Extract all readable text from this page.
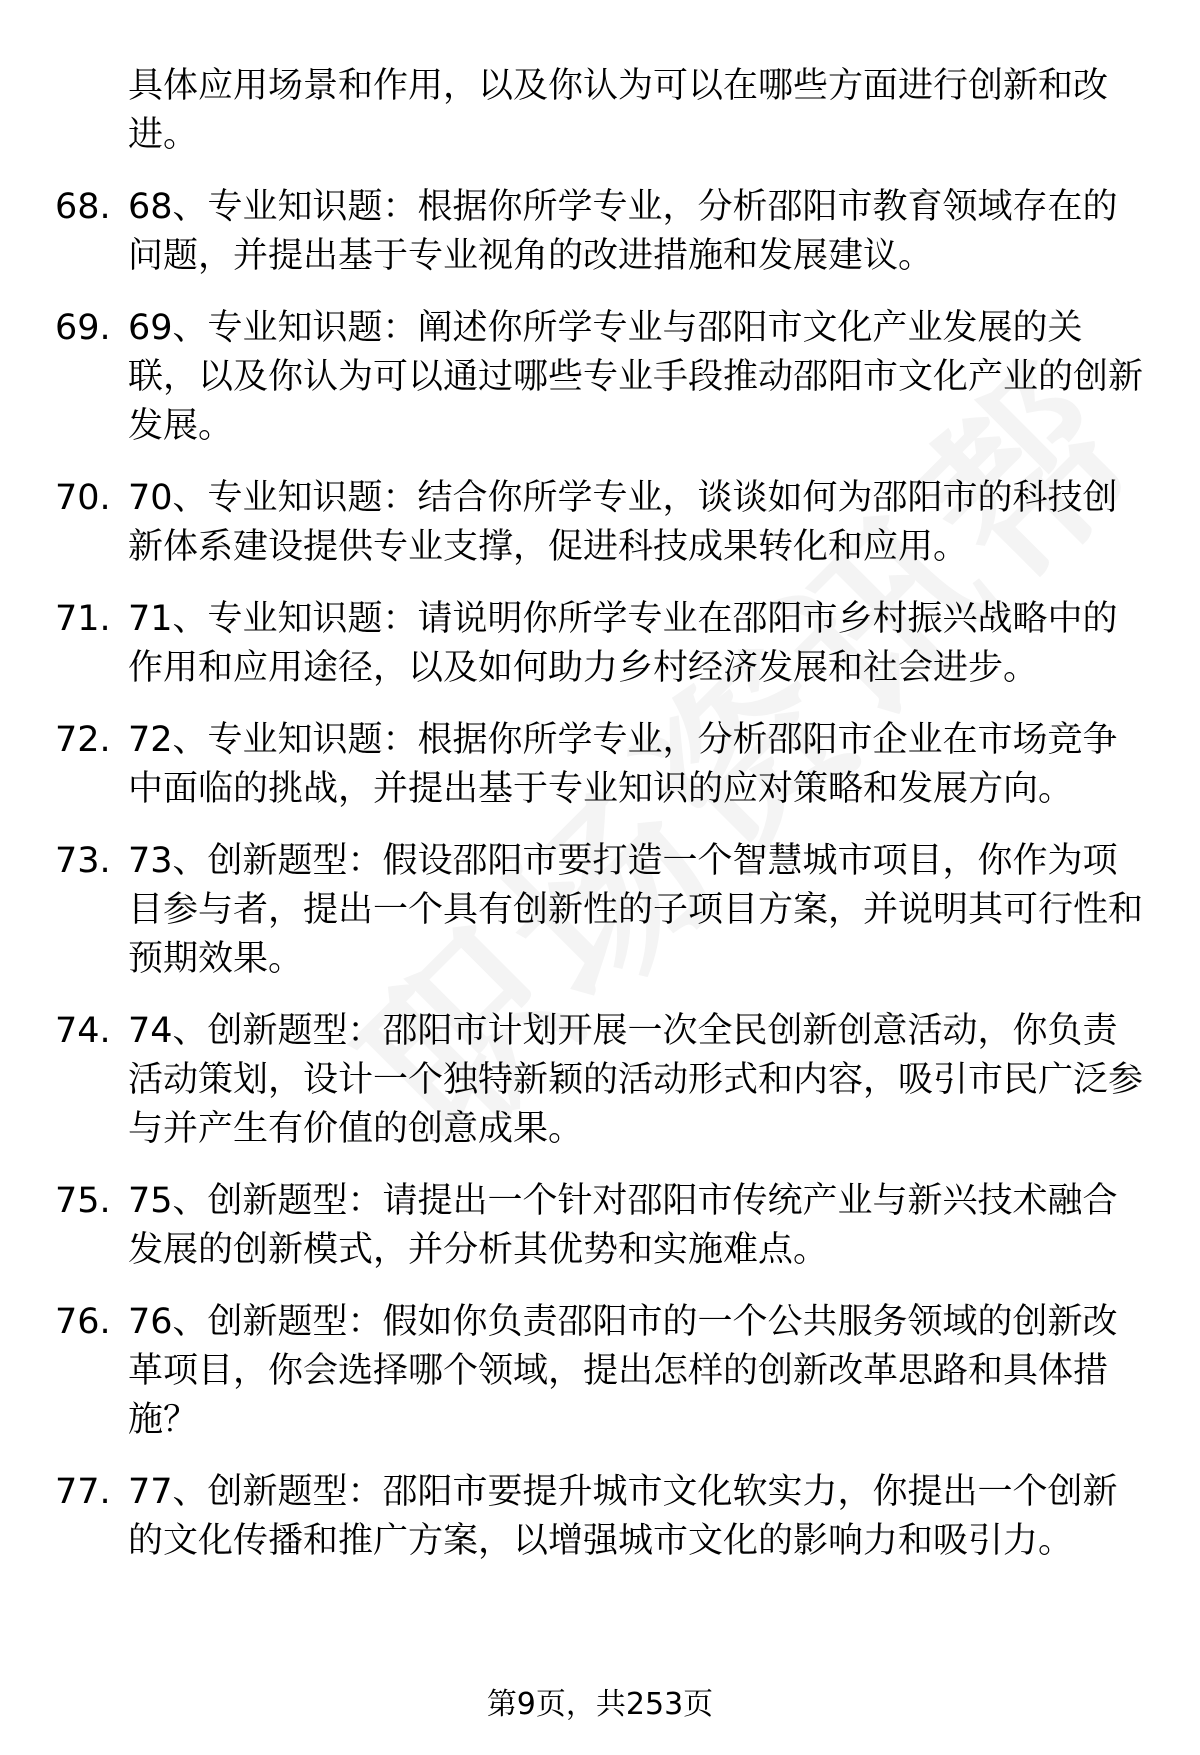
具体应用场景和作用，以及你认为可以在哪些方面进行创新和改进。
68. 68、专业知识题：根据你所学专业，分析邵阳市教育领域存在的问题，并提出基于专业视角的改进措施和发展建议。
69. 69、专业知识题：阐述你所学专业与邵阳市文化产业发展的关联，以及你认为可以通过哪些专业手段推动邵阳市文化产业的创新发展。
70. 70、专业知识题：结合你所学专业，谈谈如何为邵阳市的科技创新体系建设提供专业支撑，促进科技成果转化和应用。
71. 71、专业知识题：请说明你所学专业在邵阳市乡村振兴战略中的作用和应用途径，以及如何助力乡村经济发展和社会进步。
72. 72、专业知识题：根据你所学专业，分析邵阳市企业在市场竞争中面临的挑战，并提出基于专业知识的应对策略和发展方向。
73. 73、创新题型：假设邵阳市要打造一个智慧城市项目，你作为项目参与者，提出一个具有创新性的子项目方案，并说明其可行性和预期效果。
74. 74、创新题型：邵阳市计划开展一次全民创新创意活动，你负责活动策划，设计一个独特新颖的活动形式和内容，吸引市民广泛参与并产生有价值的创意成果。
75. 75、创新题型：请提出一个针对邵阳市传统产业与新兴技术融合发展的创新模式，并分析其优势和实施难点。
76. 76、创新题型：假如你负责邵阳市的一个公共服务领域的创新改革项目，你会选择哪个领域，提出怎样的创新改革思路和具体措施？
77. 77、创新题型：邵阳市要提升城市文化软实力，你提出一个创新的文化传播和推广方案，以增强城市文化的影响力和吸引力。
第9页，共253页
